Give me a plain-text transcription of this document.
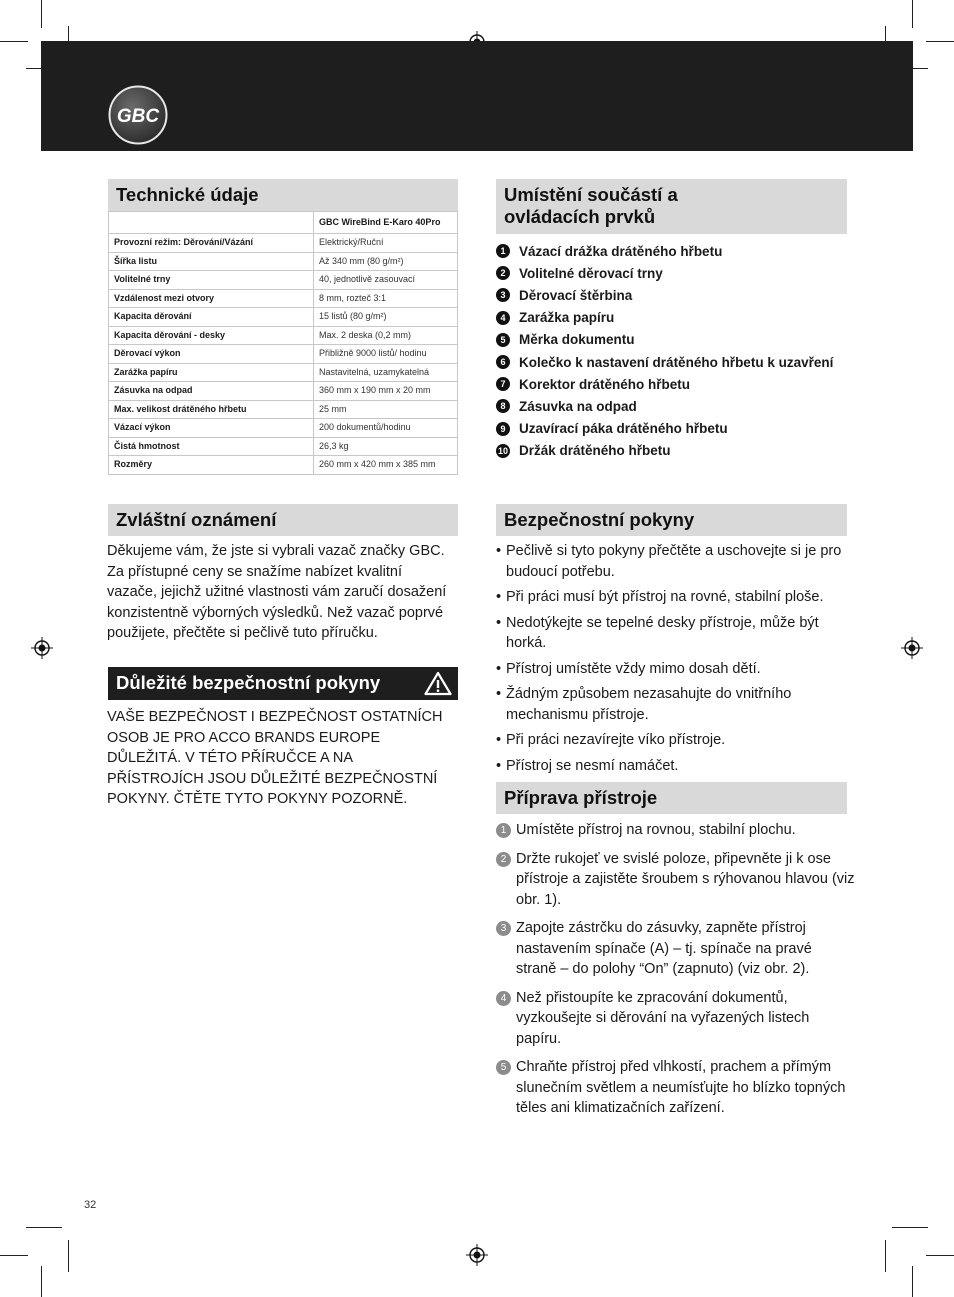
GBC
Technické údaje
	GBC WireBind E-Karo 40Pro
Provozní režim: Děrování/Vázání	Elektrický/Ruční
Šířka listu	Až 340 mm (80 g/m²)
Volitelné trny	40, jednotlivě zasouvací
Vzdálenost mezi otvory	8 mm, rozteč 3:1
Kapacita děrování	15 listů (80 g/m²)
Kapacita děrování - desky	Max. 2 deska (0,2 mm)
Děrovací výkon	Přibližně 9000 listů/ hodinu
Zarážka papíru	Nastavitelná, uzamykatelná
Zásuvka na odpad	360 mm x 190 mm x 20 mm
Max. velikost drátěného hřbetu	25 mm
Vázací výkon	200 dokumentů/hodinu
Čistá hmotnost	26,3 kg
Rozměry	260 mm x 420 mm x 385 mm
Umístění součástí a ovládacích prvků
1	Vázací drážka drátěného hřbetu
2	Volitelné děrovací trny
3	Děrovací štěrbina
4	Zarážka papíru
5	Měrka dokumentu
6	Kolečko k nastavení drátěného hřbetu k uzavření
7	Korektor drátěného hřbetu
8	Zásuvka na odpad
9	Uzavírací páka drátěného hřbetu
10 Držák drátěného hřbetu
Zvláštní oznámení
Děkujeme vám, že jste si vybrali vazač značky GBC. Za přístupné ceny se snažíme nabízet kvalitní vazače, jejichž užitné vlastnosti vám zaručí dosažení konzistentně výborných výsledků. Než vazač poprvé použijete, přečtěte si pečlivě tuto příručku.
Důležité bezpečnostní pokyny
VAŠE BEZPEČNOST I BEZPEČNOST OSTATNÍCH OSOB JE PRO ACCO BRANDS EUROPE DŮLEŽITÁ. V TÉTO PŘÍRUČCE A NA PŘÍSTROJÍCH JSOU DŮLEŽITÉ BEZPEČNOSTNÍ POKYNY. ČTĚTE TYTO POKYNY POZORNĚ.
Bezpečnostní pokyny
• Pečlivě si tyto pokyny přečtěte a uschovejte si je pro budoucí potřebu.
• Při práci musí být přístroj na rovné, stabilní ploše.
• Nedotýkejte se tepelné desky přístroje, může být horká.
• Přístroj umístěte vždy mimo dosah dětí.
• Žádným způsobem nezasahujte do vnitřního mechanismu přístroje.
• Při práci nezavírejte víko přístroje.
• Přístroj se nesmí namáčet.
Příprava přístroje
1 Umístěte přístroj na rovnou, stabilní plochu.
2 Držte rukojeť ve svislé poloze, připevněte ji k ose přístroje a zajistěte šroubem s rýhovanou hlavou (viz obr. 1).
3 Zapojte zástrčku do zásuvky, zapněte přístroj nastavením spínače (A) – tj. spínače na pravé straně – do polohy “On” (zapnuto) (viz obr. 2).
4 Než přistoupíte ke zpracování dokumentů, vyzkoušejte si děrování na vyřazených listech papíru.
5 Chraňte přístroj před vlhkostí, prachem a přímým slunečním světlem a neumísťujte ho blízko topných těles ani klimatizačních zařízení.
32
